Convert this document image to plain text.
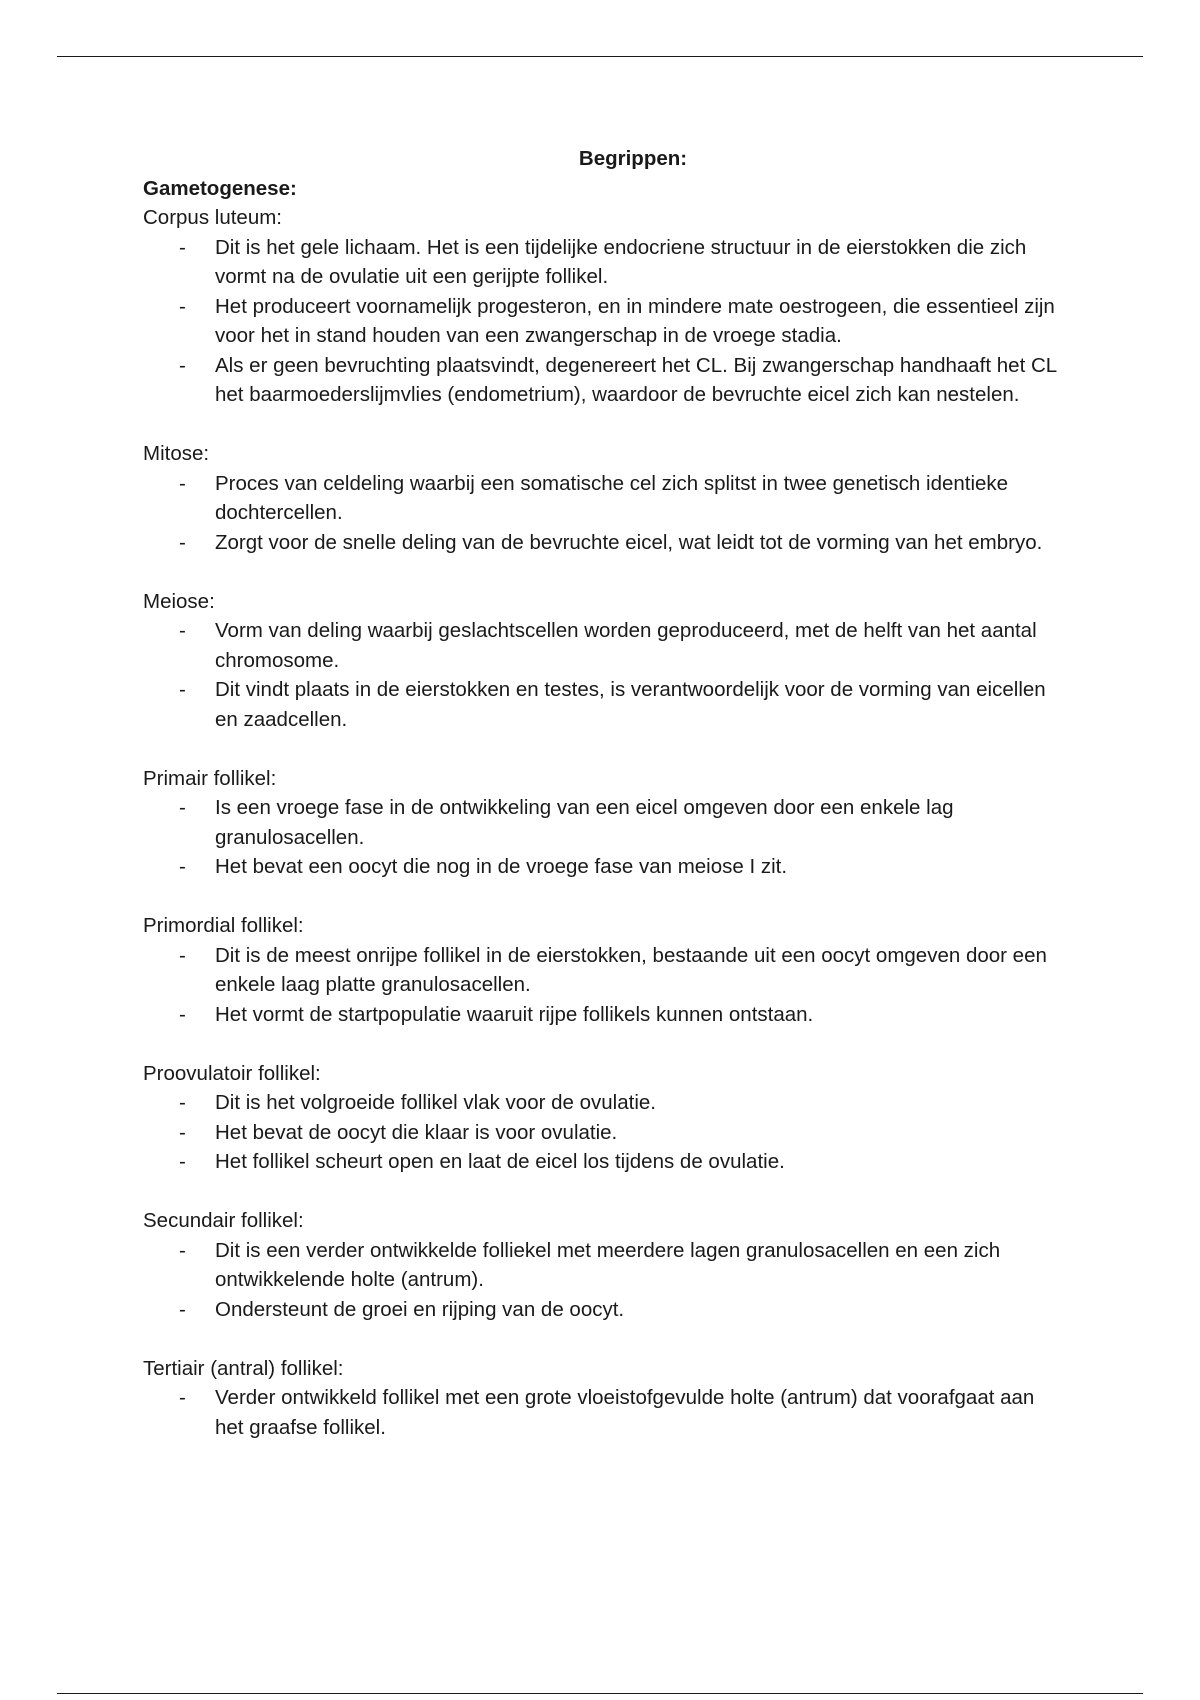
Begrippen:

Gametogenese:

Corpus luteum:

- Dit is het gele lichaam. Het is een tijdelijke endocriene structuur in de eierstokken die zich vormt na de ovulatie uit een gerijpte follikel.
- Het produceert voornamelijk progesteron, en in mindere mate oestrogeen, die essentieel zijn voor het in stand houden van een zwangerschap in de vroege stadia.
- Als er geen bevruchting plaatsvindt, degenereert het CL. Bij zwangerschap handhaaft het CL het baarmoederslijmvlies (endometrium), waardoor de bevruchte eicel zich kan nestelen.

Mitose:

- Proces van celdeling waarbij een somatische cel zich splitst in twee genetisch identieke dochtercellen.
- Zorgt voor de snelle deling van de bevruchte eicel, wat leidt tot de vorming van het embryo.

Meiose:

- Vorm van deling waarbij geslachtscellen worden geproduceerd, met de helft van het aantal chromosome.
- Dit vindt plaats in de eierstokken en testes, is verantwoordelijk voor de vorming van eicellen en zaadcellen.

Primair follikel:

- Is een vroege fase in de ontwikkeling van een eicel omgeven door een enkele lag granulosacellen.
- Het bevat een oocyt die nog in de vroege fase van meiose I zit.

Primordial follikel:

- Dit is de meest onrijpe follikel in de eierstokken, bestaande uit een oocyt omgeven door een enkele laag platte granulosacellen.
- Het vormt de startpopulatie waaruit rijpe follikels kunnen ontstaan.

Proovulatoir follikel:

- Dit is het volgroeide follikel vlak voor de ovulatie.
- Het bevat de oocyt die klaar is voor ovulatie.
- Het follikel scheurt open en laat de eicel los tijdens de ovulatie.

Secundair follikel:

- Dit is een verder ontwikkelde folliekel met meerdere lagen granulosacellen en een zich ontwikkelende holte (antrum).
- Ondersteunt de groei en rijping van de oocyt.

Tertiair (antral) follikel:

- Verder ontwikkeld follikel met een grote vloeistofgevulde holte (antrum) dat voorafgaat aan het graafse follikel.
